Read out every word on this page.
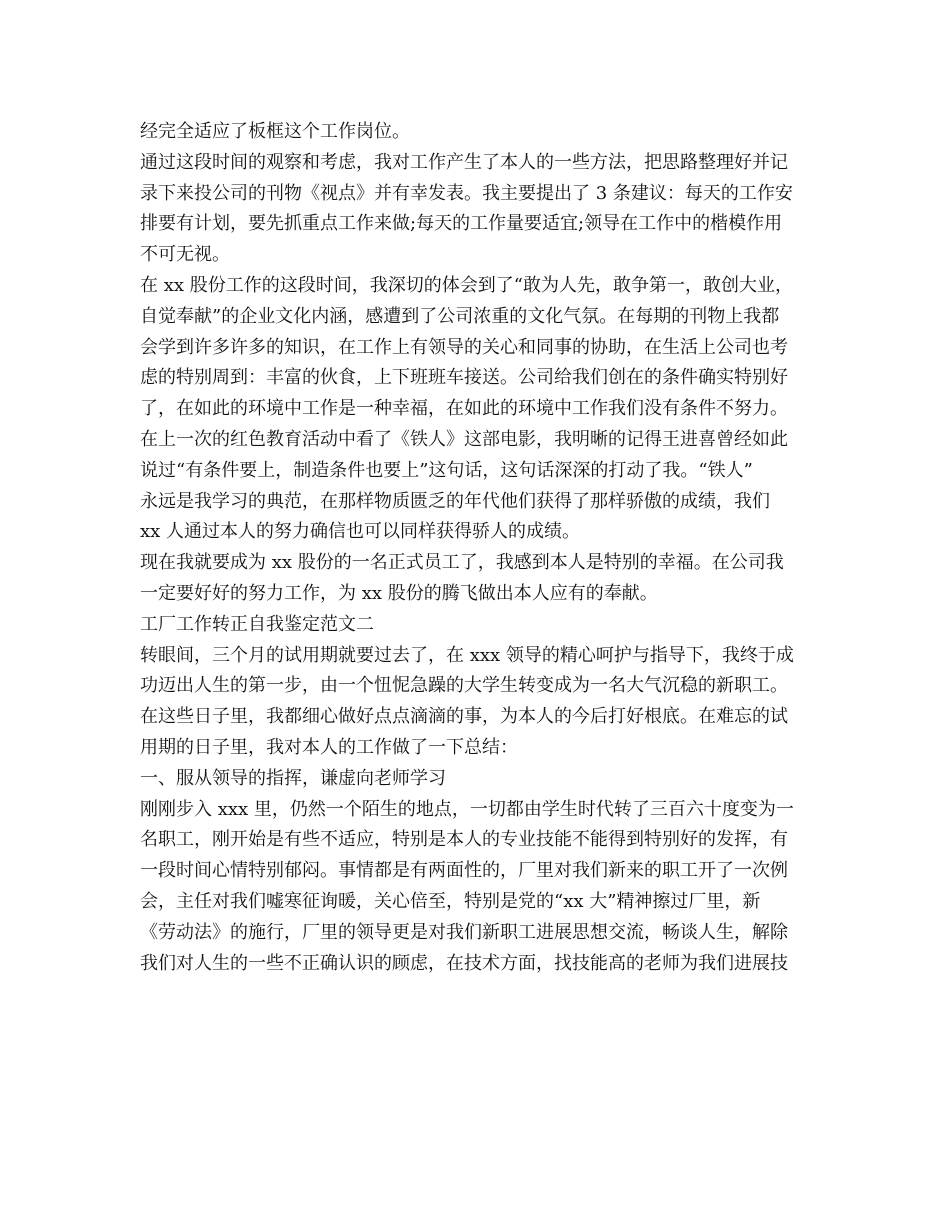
经完全适应了板框这个工作岗位。
通过这段时间的观察和考虑，我对工作产生了本人的一些方法，把思路整理好并记
录下来投公司的刊物《视点》并有幸发表。我主要提出了 3 条建议：每天的工作安
排要有计划，要先抓重点工作来做;每天的工作量要适宜;领导在工作中的楷模作用
不可无视。
在 xx 股份工作的这段时间，我深切的体会到了“敢为人先，敢争第一，敢创大业，
自觉奉献”的企业文化内涵，感遭到了公司浓重的文化气氛。在每期的刊物上我都
会学到许多许多的知识，在工作上有领导的关心和同事的协助，在生活上公司也考
虑的特别周到：丰富的伙食，上下班班车接送。公司给我们创在的条件确实特别好
了，在如此的环境中工作是一种幸福，在如此的环境中工作我们没有条件不努力。
在上一次的红色教育活动中看了《铁人》这部电影，我明晰的记得王进喜曾经如此
说过“有条件要上，制造条件也要上”这句话，这句话深深的打动了我。“铁人”
永远是我学习的典范，在那样物质匮乏的年代他们获得了那样骄傲的成绩，我们
xx 人通过本人的努力确信也可以同样获得骄人的成绩。
现在我就要成为 xx 股份的一名正式员工了，我感到本人是特别的幸福。在公司我
一定要好好的努力工作，为 xx 股份的腾飞做出本人应有的奉献。
工厂工作转正自我鉴定范文二
转眼间，三个月的试用期就要过去了，在 xxx 领导的精心呵护与指导下，我终于成
功迈出人生的第一步，由一个忸怩急躁的大学生转变成为一名大气沉稳的新职工。
在这些日子里，我都细心做好点点滴滴的事，为本人的今后打好根底。在难忘的试
用期的日子里，我对本人的工作做了一下总结：
一、服从领导的指挥，谦虚向老师学习
刚刚步入 xxx 里，仍然一个陌生的地点，一切都由学生时代转了三百六十度变为一
名职工，刚开始是有些不适应，特别是本人的专业技能不能得到特别好的发挥，有
一段时间心情特别郁闷。事情都是有两面性的，厂里对我们新来的职工开了一次例
会，主任对我们嘘寒征询暖，关心倍至，特别是党的“xx 大”精神擦过厂里，新
《劳动法》的施行，厂里的领导更是对我们新职工进展思想交流，畅谈人生，解除
我们对人生的一些不正确认识的顾虑，在技术方面，找技能高的老师为我们进展技
